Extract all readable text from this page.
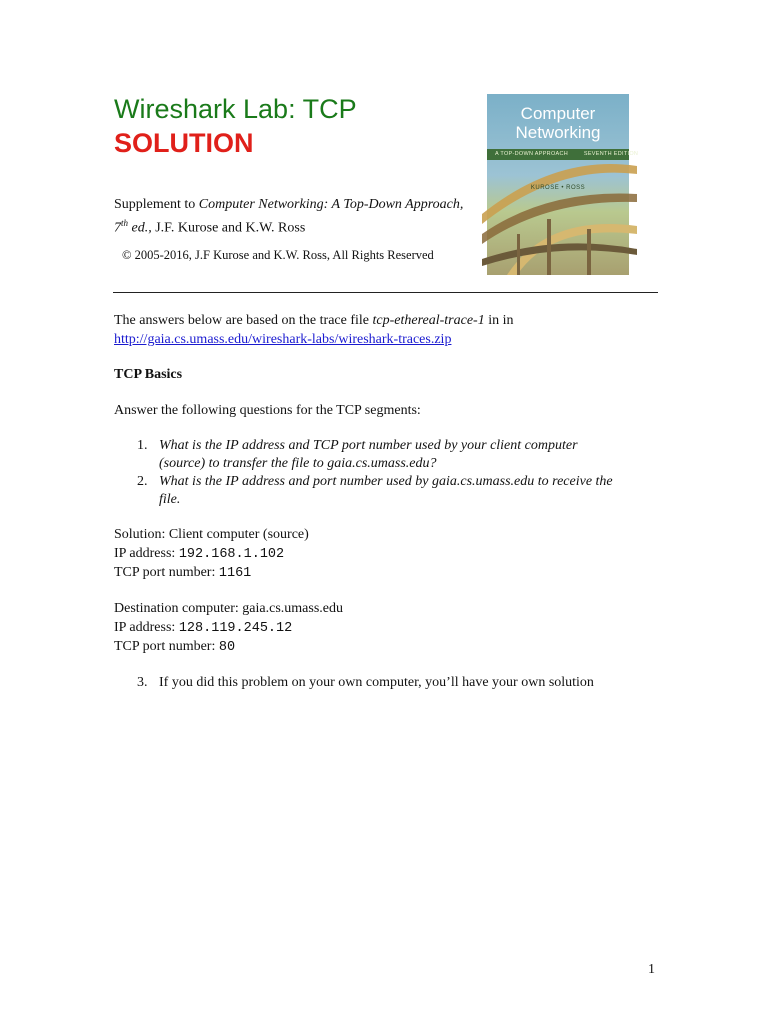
Wireshark Lab: TCP
SOLUTION
Supplement to Computer Networking: A Top-Down Approach, 7th ed., J.F. Kurose and K.W. Ross
© 2005-2016, J.F Kurose and K.W. Ross, All Rights Reserved
Computer
Networking
A TOP-DOWN APPROACH	SEVENTH EDITION
KUROSE • ROSS
The answers below are based on the trace file tcp-ethereal-trace-1 in in
http://gaia.cs.umass.edu/wireshark-labs/wireshark-traces.zip
TCP Basics
Answer the following questions for the TCP segments:
1. What is the IP address and TCP port number used by your client computer
(source) to transfer the file to gaia.cs.umass.edu?
2. What is the IP address and port number used by gaia.cs.umass.edu to receive the
file.
Solution: Client computer (source)
IP address: 192.168.1.102
TCP port number: 1161
Destination computer: gaia.cs.umass.edu
IP address: 128.119.245.12
TCP port number: 80
3. If you did this problem on your own computer, you’ll have your own solution
1
